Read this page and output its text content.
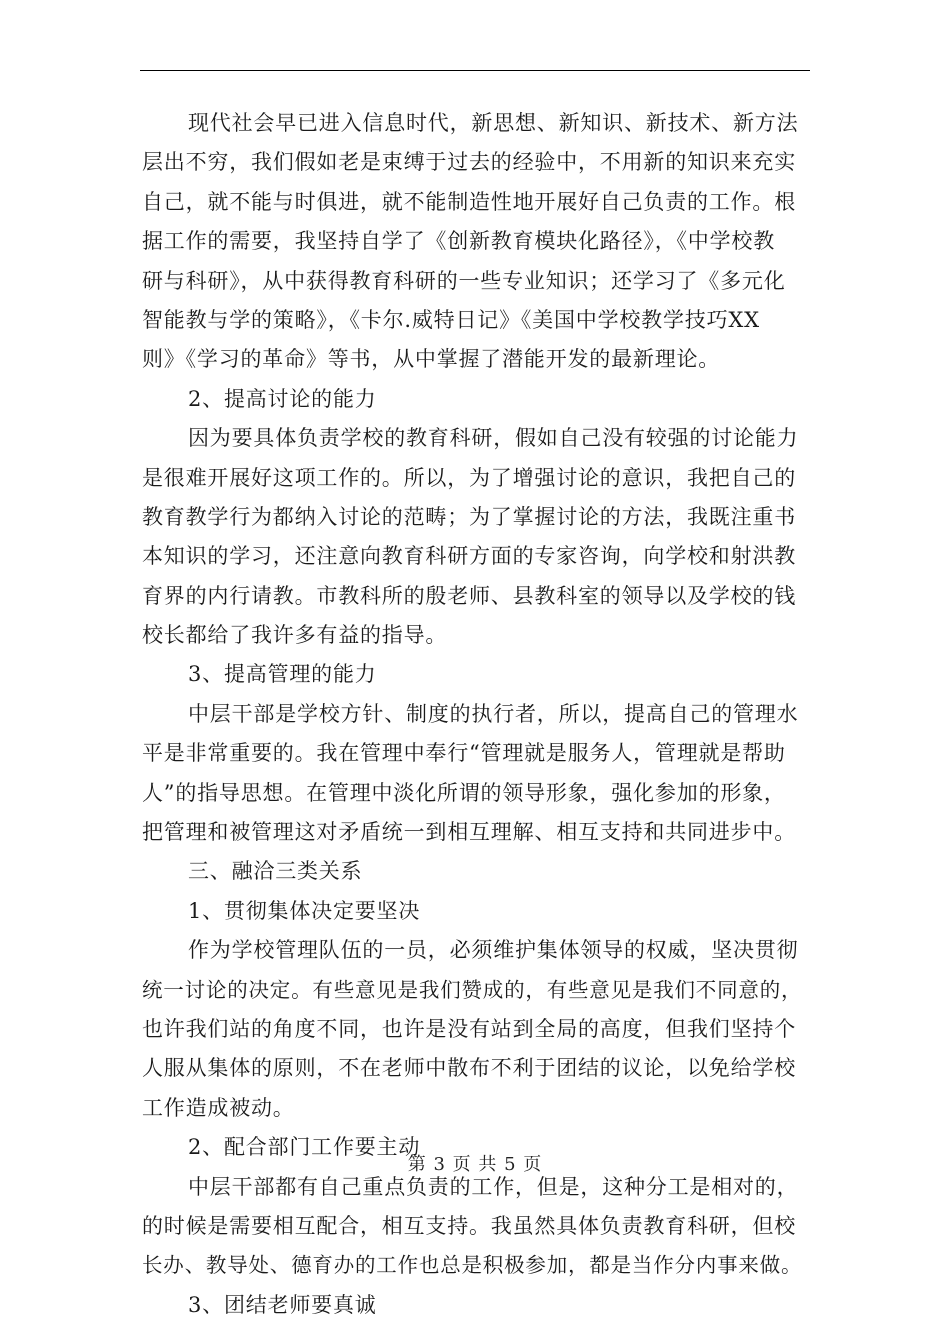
现代社会早已进入信息时代，新思想、新知识、新技术、新方法
层出不穷，我们假如老是束缚于过去的经验中，不用新的知识来充实
自己，就不能与时俱进，就不能制造性地开展好自己负责的工作。根
据工作的需要，我坚持自学了《创新教育模块化路径》，《中学校教
研与科研》，从中获得教育科研的一些专业知识；还学习了《多元化
智能教与学的策略》，《卡尔.威特日记》《美国中学校教学技巧XX
则》《学习的革命》等书，从中掌握了潜能开发的最新理论。
2、提高讨论的能力
因为要具体负责学校的教育科研，假如自己没有较强的讨论能力
是很难开展好这项工作的。所以，为了增强讨论的意识，我把自己的
教育教学行为都纳入讨论的范畴；为了掌握讨论的方法，我既注重书
本知识的学习，还注意向教育科研方面的专家咨询，向学校和射洪教
育界的内行请教。市教科所的殷老师、县教科室的领导以及学校的钱
校长都给了我许多有益的指导。
3、提高管理的能力
中层干部是学校方针、制度的执行者，所以，提高自己的管理水
平是非常重要的。我在管理中奉行“管理就是服务人，管理就是帮助
人”的指导思想。在管理中淡化所谓的领导形象，强化参加的形象，
把管理和被管理这对矛盾统一到相互理解、相互支持和共同进步中。
三、融洽三类关系
1、贯彻集体决定要坚决
作为学校管理队伍的一员，必须维护集体领导的权威，坚决贯彻
统一讨论的决定。有些意见是我们赞成的，有些意见是我们不同意的，
也许我们站的角度不同，也许是没有站到全局的高度，但我们坚持个
人服从集体的原则，不在老师中散布不利于团结的议论，以免给学校
工作造成被动。
2、配合部门工作要主动
中层干部都有自己重点负责的工作，但是，这种分工是相对的，
的时候是需要相互配合，相互支持。我虽然具体负责教育科研，但校
长办、教导处、德育办的工作也总是积极参加，都是当作分内事来做。
3、团结老师要真诚
第 3 页 共 5 页
